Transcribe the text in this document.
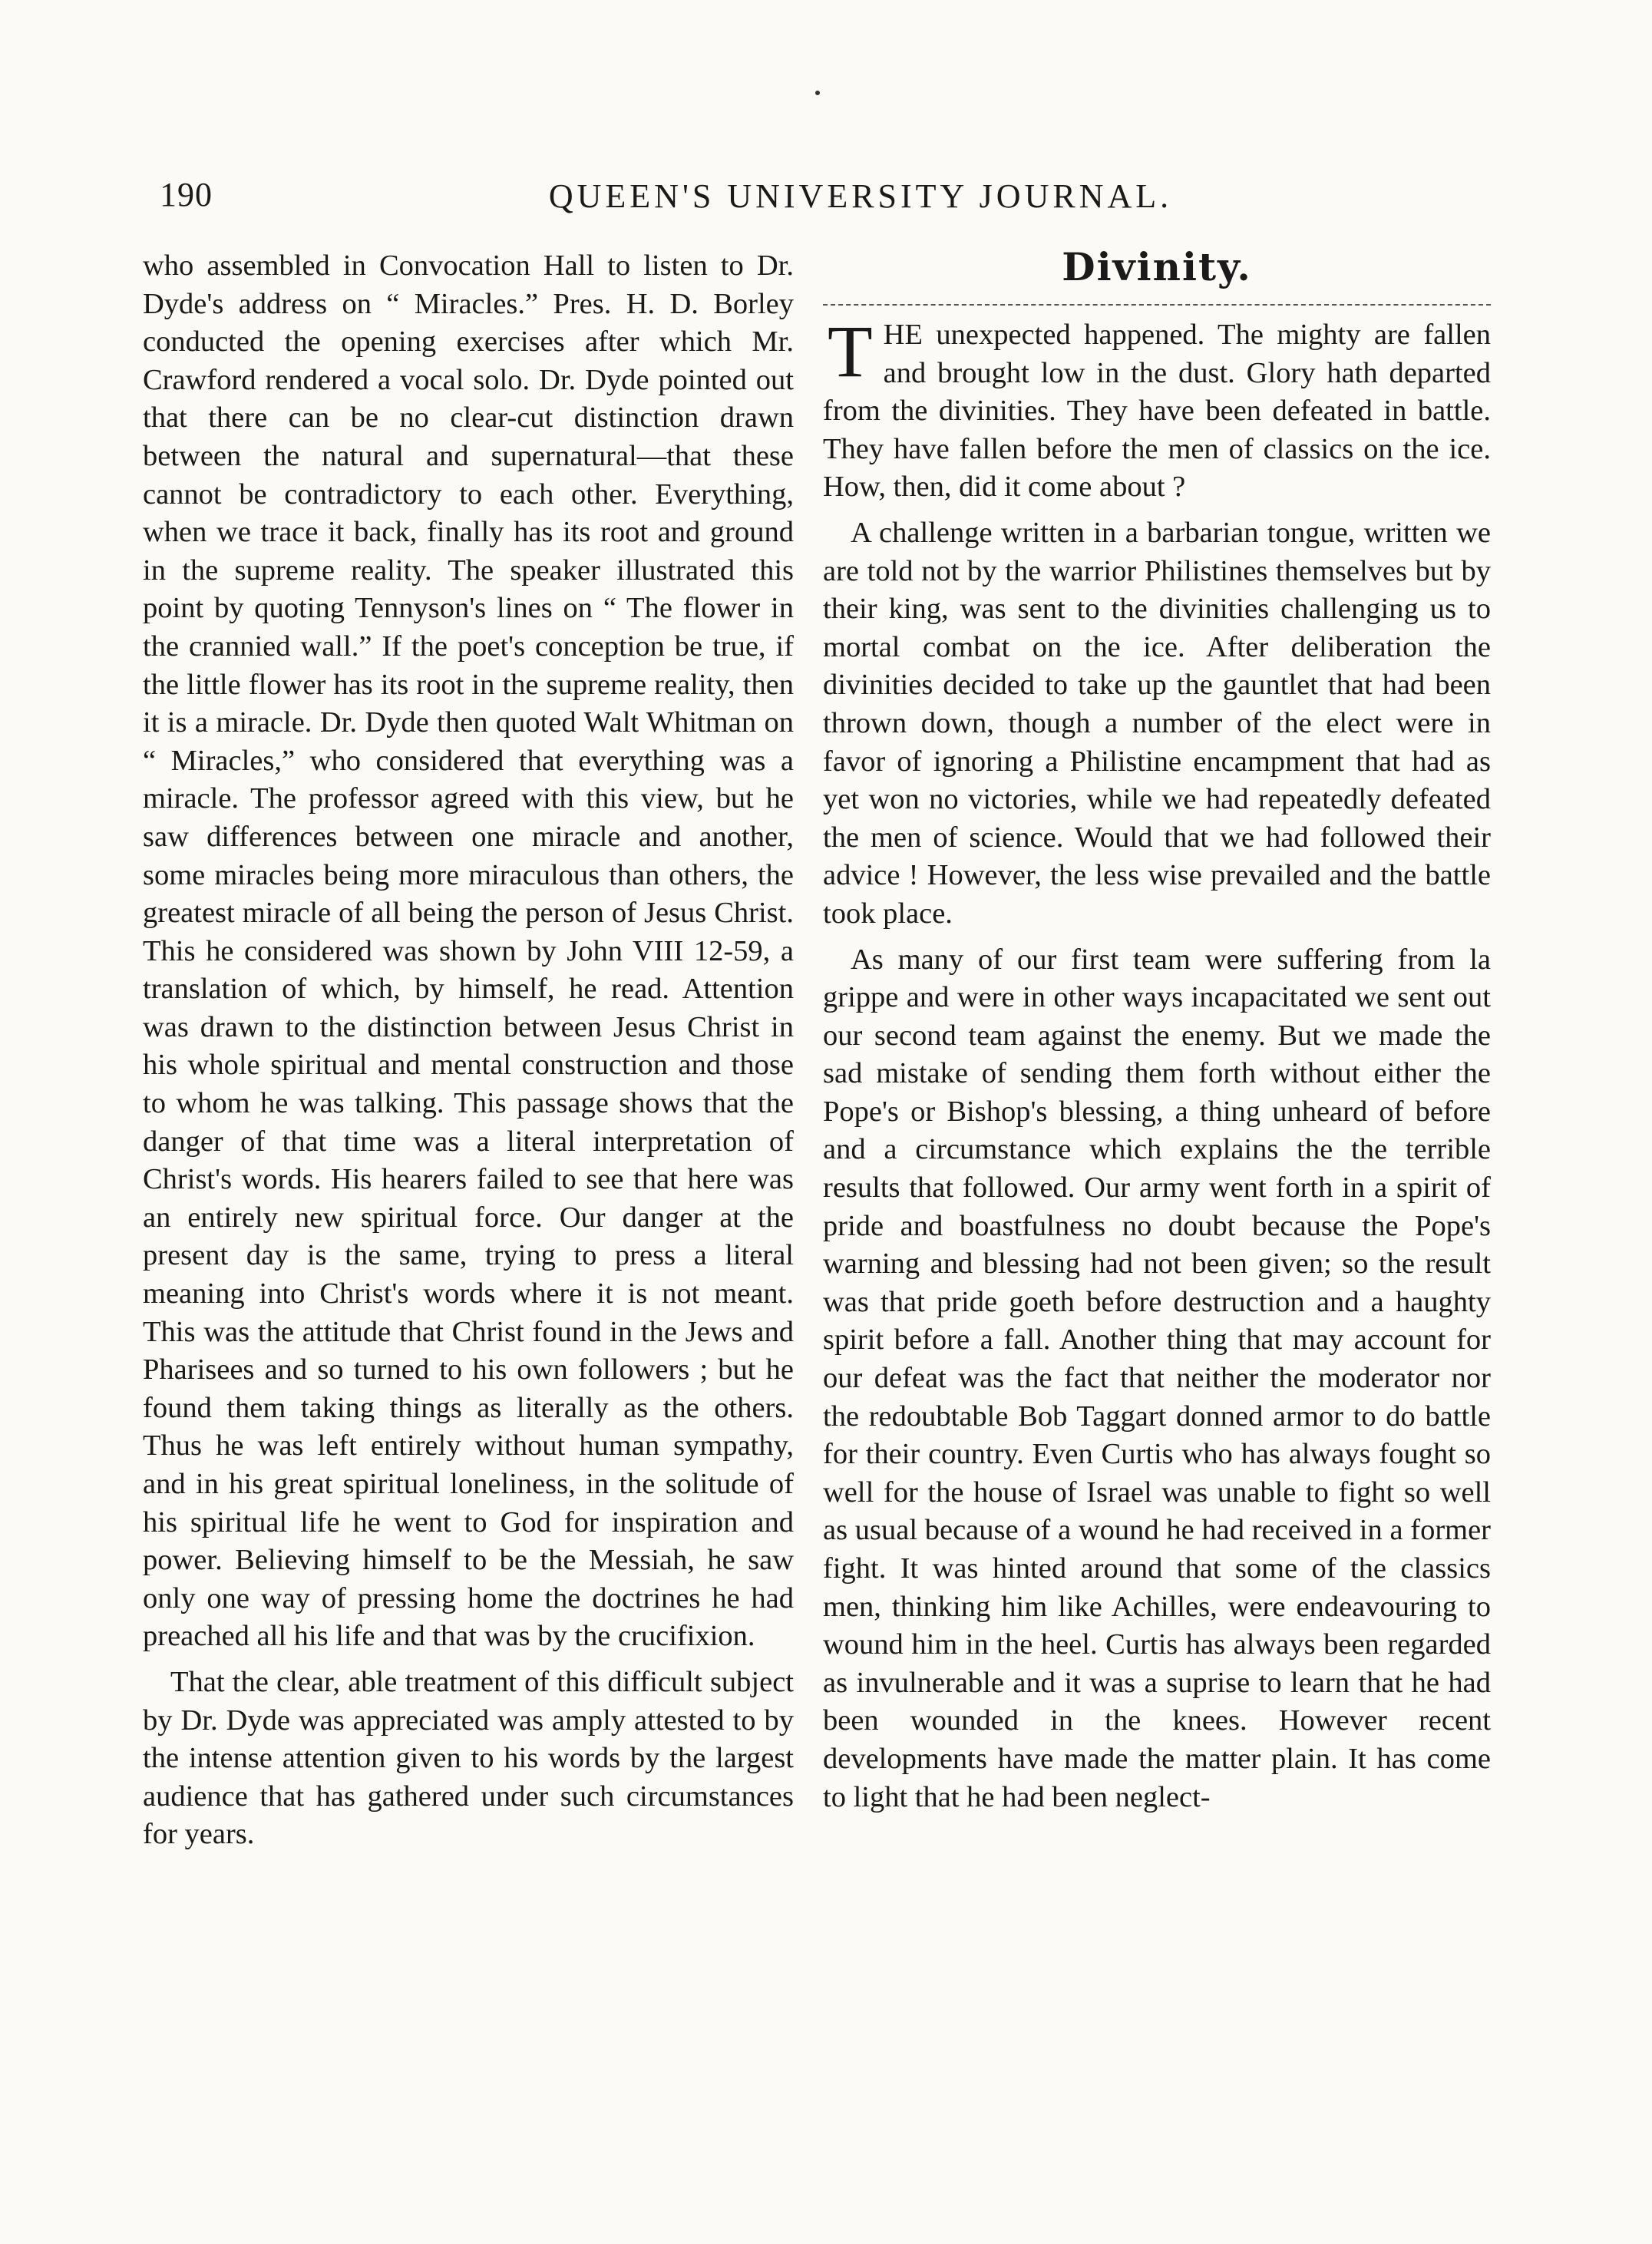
190	QUEEN'S UNIVERSITY JOURNAL.

who assembled in Convocation Hall to listen to Dr. Dyde's address on “ Miracles.” Pres. H. D. Borley conducted the opening exercises after which Mr. Crawford rendered a vocal solo. Dr. Dyde pointed out that there can be no clear-cut distinction drawn between the natural and supernatural—that these cannot be contradictory to each other. Everything, when we trace it back, finally has its root and ground in the supreme reality. The speaker illustrated this point by quoting Tennyson's lines on “ The flower in the crannied wall.” If the poet's conception be true, if the little flower has its root in the supreme reality, then it is a miracle. Dr. Dyde then quoted Walt Whitman on “ Miracles,” who considered that everything was a miracle. The professor agreed with this view, but he saw differences between one miracle and another, some miracles being more miraculous than others, the greatest miracle of all being the person of Jesus Christ. This he considered was shown by John VIII 12-59, a translation of which, by himself, he read. Attention was drawn to the distinction between Jesus Christ in his whole spiritual and mental construction and those to whom he was talking. This passage shows that the danger of that time was a literal interpretation of Christ's words. His hearers failed to see that here was an entirely new spiritual force. Our danger at the present day is the same, trying to press a literal meaning into Christ's words where it is not meant. This was the attitude that Christ found in the Jews and Pharisees and so turned to his own followers ; but he found them taking things as literally as the others. Thus he was left entirely without human sympathy, and in his great spiritual loneliness, in the solitude of his spiritual life he went to God for inspiration and power. Believing himself to be the Messiah, he saw only one way of pressing home the doctrines he had preached all his life and that was by the crucifixion.

That the clear, able treatment of this difficult subject by Dr. Dyde was appreciated was amply attested to by the intense attention given to his words by the largest audience that has gathered under such circumstances for years.

Divinity.

THE unexpected happened. The mighty are fallen and brought low in the dust. Glory hath departed from the divinities. They have been defeated in battle. They have fallen before the men of classics on the ice. How, then, did it come about ?

A challenge written in a barbarian tongue, written we are told not by the warrior Philistines themselves but by their king, was sent to the divinities challenging us to mortal combat on the ice. After deliberation the divinities decided to take up the gauntlet that had been thrown down, though a number of the elect were in favor of ignoring a Philistine encampment that had as yet won no victories, while we had repeatedly defeated the men of science. Would that we had followed their advice ! However, the less wise prevailed and the battle took place.

As many of our first team were suffering from la grippe and were in other ways incapacitated we sent out our second team against the enemy. But we made the sad mistake of sending them forth without either the Pope's or Bishop's blessing, a thing unheard of before and a circumstance which explains the the terrible results that followed. Our army went forth in a spirit of pride and boastfulness no doubt because the Pope's warning and blessing had not been given; so the result was that pride goeth before destruction and a haughty spirit before a fall. Another thing that may account for our defeat was the fact that neither the moderator nor the redoubtable Bob Taggart donned armor to do battle for their country. Even Curtis who has always fought so well for the house of Israel was unable to fight so well as usual because of a wound he had received in a former fight. It was hinted around that some of the classics men, thinking him like Achilles, were endeavouring to wound him in the heel. Curtis has always been regarded as invulnerable and it was a suprise to learn that he had been wounded in the knees. However recent developments have made the matter plain. It has come to light that he had been neglect-
